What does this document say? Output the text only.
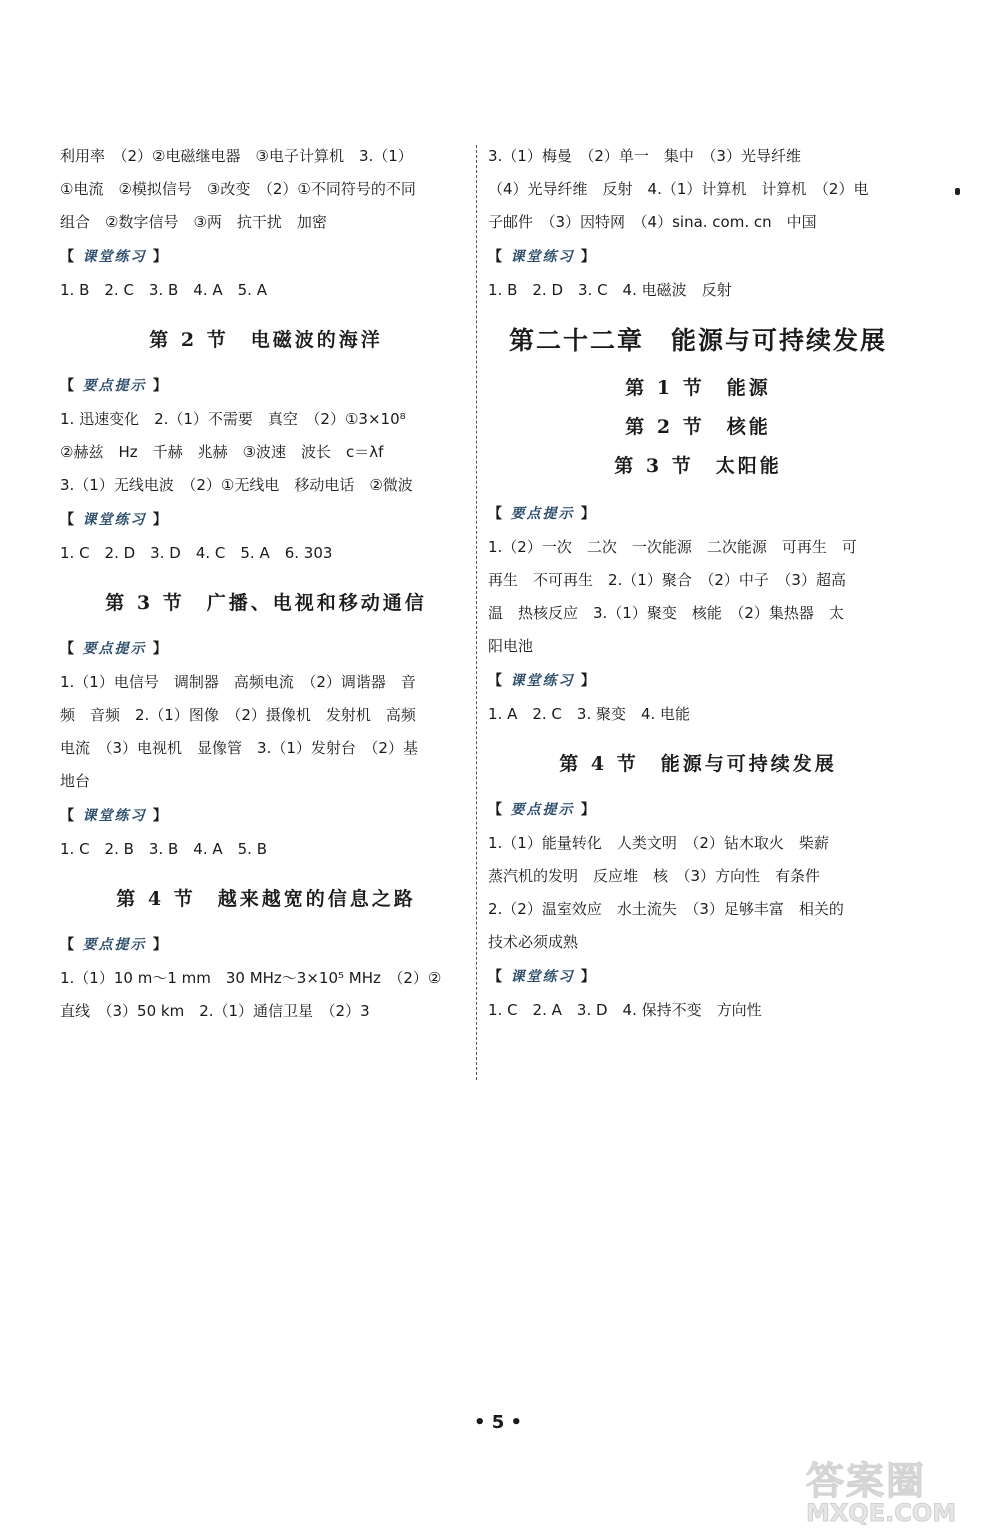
利用率　（2）②电磁继电器　③电子计算机　3.（1）
①电流　②模拟信号　③改变　（2）①不同符号的不同
组合　②数字信号　③两　抗干扰　加密
【 课堂练习 】
1. B　2. C　3. B　4. A　5. A
第 2 节　电磁波的海洋
【 要点提示 】
1. 迅速变化　2.（1）不需要　真空　（2）①3×10⁸
②赫兹　Hz　千赫　兆赫　③波速　波长　c＝λf
3.（1）无线电波　（2）①无线电　移动电话　②微波
【 课堂练习 】
1. C　2. D　3. D　4. C　5. A　6. 303
第 3 节　广播、电视和移动通信
【 要点提示 】
1.（1）电信号　调制器　高频电流　（2）调谐器　音
频　音频　2.（1）图像　（2）摄像机　发射机　高频
电流　（3）电视机　显像管　3.（1）发射台　（2）基
地台
【 课堂练习 】
1. C　2. B　3. B　4. A　5. B
第 4 节　越来越宽的信息之路
【 要点提示 】
1.（1）10 m～1 mm　30 MHz～3×10⁵ MHz　（2）②
直线　（3）50 km　2.（1）通信卫星　（2）3
3.（1）梅曼　（2）单一　集中　（3）光导纤维
（4）光导纤维　反射　4.（1）计算机　计算机　（2）电
子邮件　（3）因特网　（4）sina. com. cn　中国
【 课堂练习 】
1. B　2. D　3. C　4. 电磁波　反射
第二十二章　能源与可持续发展
第 1 节　能源
第 2 节　核能
第 3 节　太阳能
【 要点提示 】
1.（2）一次　二次　一次能源　二次能源　可再生　可
再生　不可再生　2.（1）聚合　（2）中子　（3）超高
温　热核反应　3.（1）聚变　核能　（2）集热器　太
阳电池
【 课堂练习 】
1. A　2. C　3. 聚变　4. 电能
第 4 节　能源与可持续发展
【 要点提示 】
1.（1）能量转化　人类文明　（2）钻木取火　柴薪
蒸汽机的发明　反应堆　核　（3）方向性　有条件
2.（2）温室效应　水土流失　（3）足够丰富　相关的
技术必须成熟
【 课堂练习 】
1. C　2. A　3. D　4. 保持不变　方向性
• 5 •
答案圈
MXQE.COM
